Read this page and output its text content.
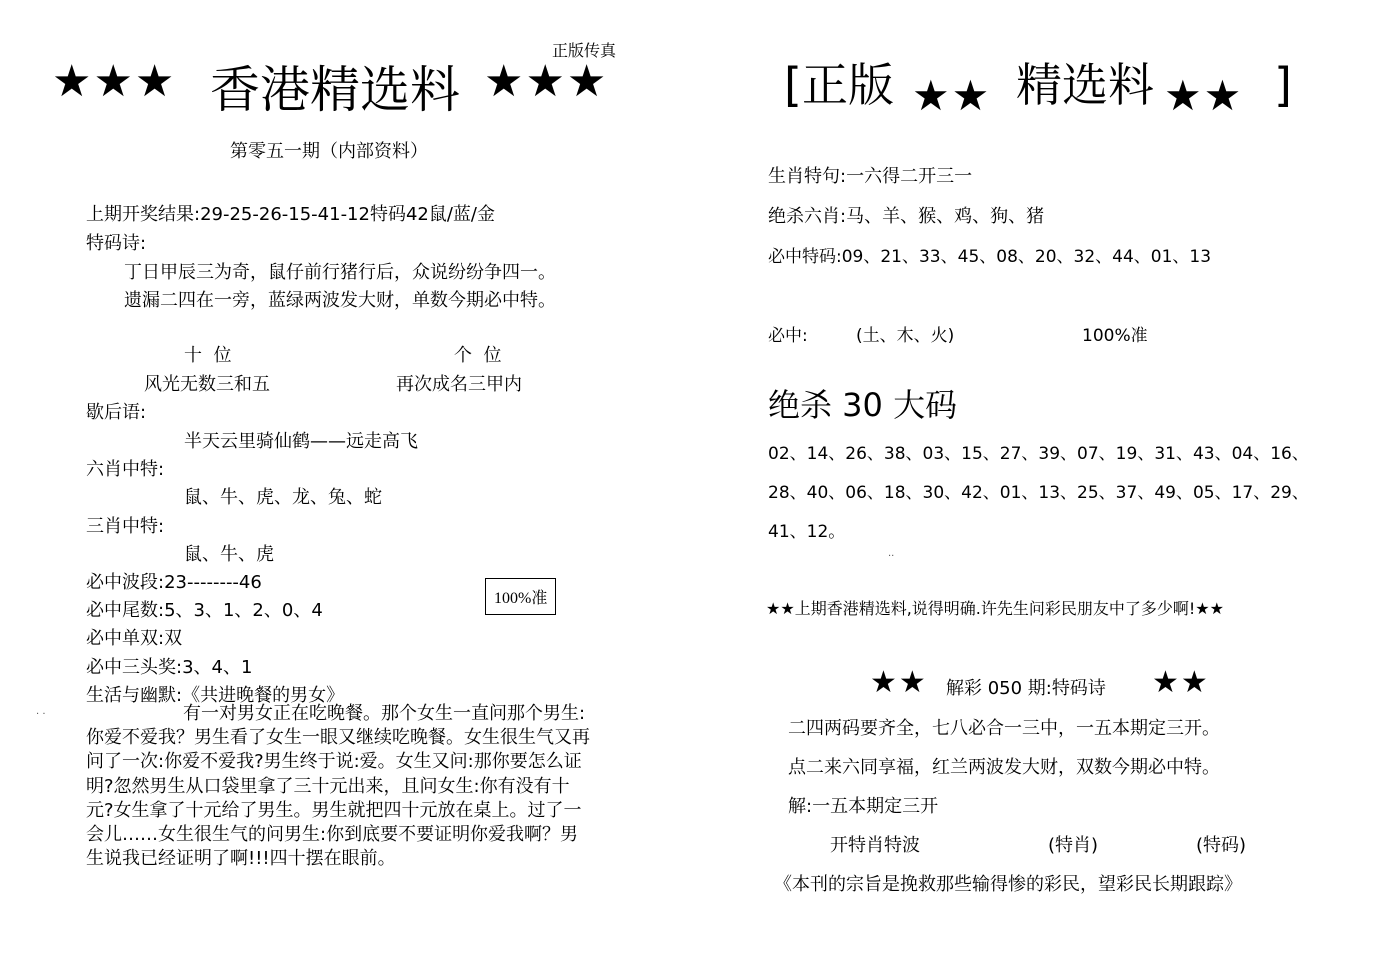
正版传真
★★★ 香港精选料 ★★★
第零五一期（内部资料）
上期开奖结果:29-25-26-15-41-12特码42鼠/蓝/金
特码诗:
丁日甲辰三为奇，鼠仔前行猪行后，众说纷纷争四一。
遗漏二四在一旁，蓝绿两波发大财，单数今期必中特。
十  位	个  位
风光无数三和五	再次成名三甲内
歇后语:
半天云里骑仙鹤——远走高飞
六肖中特:
鼠、牛、虎、龙、兔、蛇
三肖中特:
鼠、牛、虎
必中波段:23--------46
必中尾数:5、3、1、2、0、4
100%准
必中单双:双
必中三头奖:3、4、1
生活与幽默:《共进晚餐的男女》
. .	有一对男女正在吃晚餐。那个女生一直问那个男生:你爱不爱我？男生看了女生一眼又继续吃晚餐。女生很生气又再问了一次:你爱不爱我?男生终于说:爱。女生又问:那你要怎么证明?忽然男生从口袋里拿了三十元出来，且问女生:你有没有十元?女生拿了十元给了男生。男生就把四十元放在桌上。过了一会儿……女生很生气的问男生:你到底要不要证明你爱我啊？男生说我已经证明了啊!!!四十摆在眼前。
[正版 ★★ 精选料 ★★ ]
生肖特句:一六得二开三一
绝杀六肖:马、羊、猴、鸡、狗、猪
必中特码:09、21、33、45、08、20、32、44、01、13
必中:	(土、木、火)	100%准
绝杀 30 大码
02、14、26、38、03、15、27、39、07、19、31、43、04、16、
28、40、06、18、30、42、01、13、25、37、49、05、17、29、
41、12。
..
★★上期香港精选料,说得明确.许先生问彩民朋友中了多少啊!★★
★★ 解彩 050 期:特码诗 ★★
二四两码要齐全，七八必合一三中，一五本期定三开。
点二来六同享福，红兰两波发大财，双数今期必中特。
解:一五本期定三开
开特肖特波	(特肖)	(特码)
《本刊的宗旨是挽救那些输得惨的彩民，望彩民长期跟踪》
